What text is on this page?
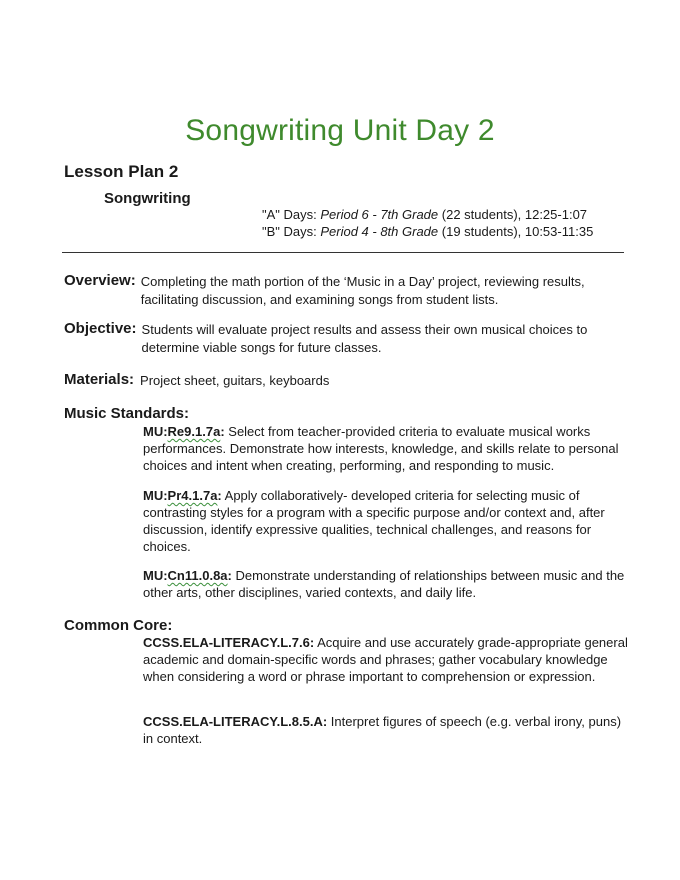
Songwriting Unit Day 2
Lesson Plan 2
Songwriting

"A" Days: Period 6 - 7th Grade (22 students), 12:25-1:07

"B" Days: Period 4 - 8th Grade (19 students), 10:53-11:35

Overview: Completing the math portion of the ‘Music in a Day’ project, reviewing results, facilitating discussion, and examining songs from student lists.
Objective: Students will evaluate project results and assess their own musical choices to determine viable songs for future classes.
Materials: Project sheet, guitars, keyboards
Music Standards:

MU:Re9.1.7a: Select from teacher-provided criteria to evaluate musical works performances. Demonstrate how interests, knowledge, and skills relate to personal choices and intent when creating, performing, and responding to music.

MU:Pr4.1.7a: Apply collaboratively- developed criteria for selecting music of contrasting styles for a program with a specific purpose and/or context and, after discussion, identify expressive qualities, technical challenges, and reasons for choices.

MU:Cn11.0.8a: Demonstrate understanding of relationships between music and the other arts, other disciplines, varied contexts, and daily life.

Common Core:

CCSS.ELA-LITERACY.L.7.6: Acquire and use accurately grade-appropriate general academic and domain-specific words and phrases; gather vocabulary knowledge when considering a word or phrase important to comprehension or expression.

CCSS.ELA-LITERACY.L.8.5.A: Interpret figures of speech (e.g. verbal irony, puns) in context.
